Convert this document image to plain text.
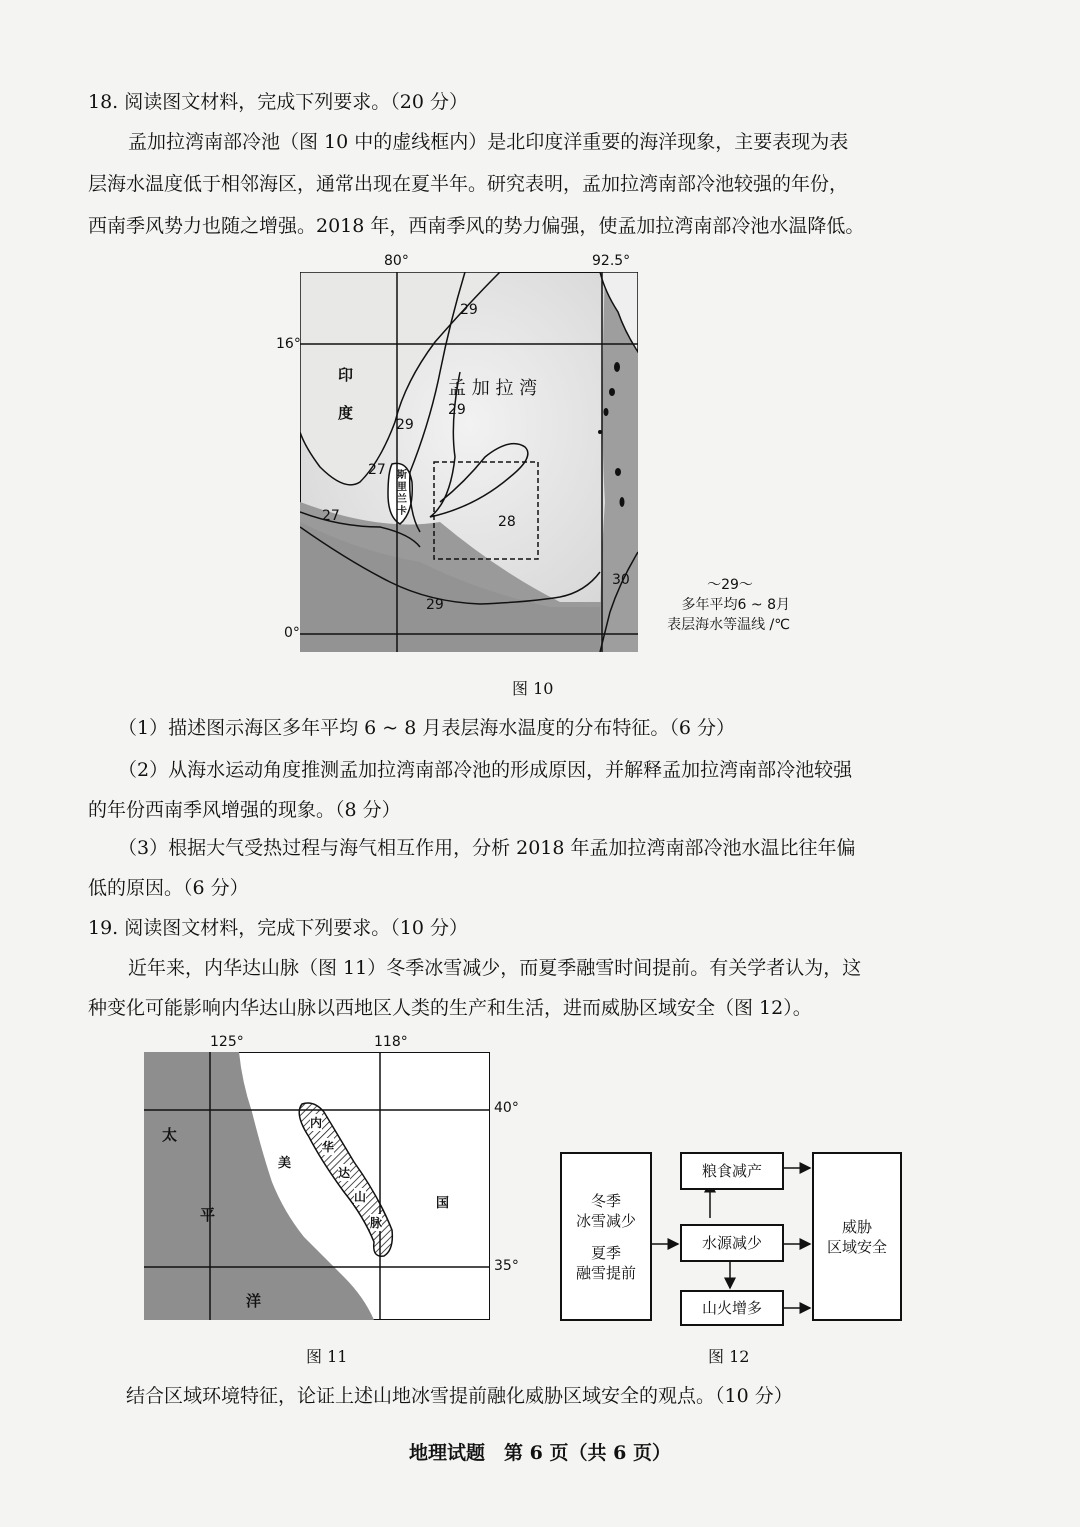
18. 阅读图文材料，完成下列要求。（20 分）
孟加拉湾南部冷池（图 10 中的虚线框内）是北印度洋重要的海洋现象，主要表现为表
层海水温度低于相邻海区，通常出现在夏半年。研究表明，孟加拉湾南部冷池较强的年份，
西南季风势力也随之增强。2018 年，西南季风的势力偏强，使孟加拉湾南部冷池水温降低。
印
度
孟 加 拉 湾
斯
里
兰
卡
29
29
29
27
27	28
29
30
80°	92.5°
16°
0°
～29～
多年平均6 ~ 8月
表层海水等温线 /℃
图 10
（1）描述图示海区多年平均 6 ~ 8 月表层海水温度的分布特征。（6 分）
（2）从海水运动角度推测孟加拉湾南部冷池的形成原因，并解释孟加拉湾南部冷池较强
的年份西南季风增强的现象。（8 分）
（3）根据大气受热过程与海气相互作用，分析 2018 年孟加拉湾南部冷池水温比往年偏
低的原因。（6 分）
19. 阅读图文材料，完成下列要求。（10 分）
近年来，内华达山脉（图 11）冬季冰雪减少，而夏季融雪时间提前。有关学者认为，这
种变化可能影响内华达山脉以西地区人类的生产和生活，进而威胁区域安全（图 12）。
125°	118°
太
平
洋
美
国
内
华
达
山
脉
40°
35°
图 11
冬季
冰雪减少
夏季
融雪提前
粮食减产
水源减少
山火增多
威胁
区域安全
图 12
结合区域环境特征，论证上述山地冰雪提前融化威胁区域安全的观点。（10 分）
地理试题　第 6 页（共 6 页）
